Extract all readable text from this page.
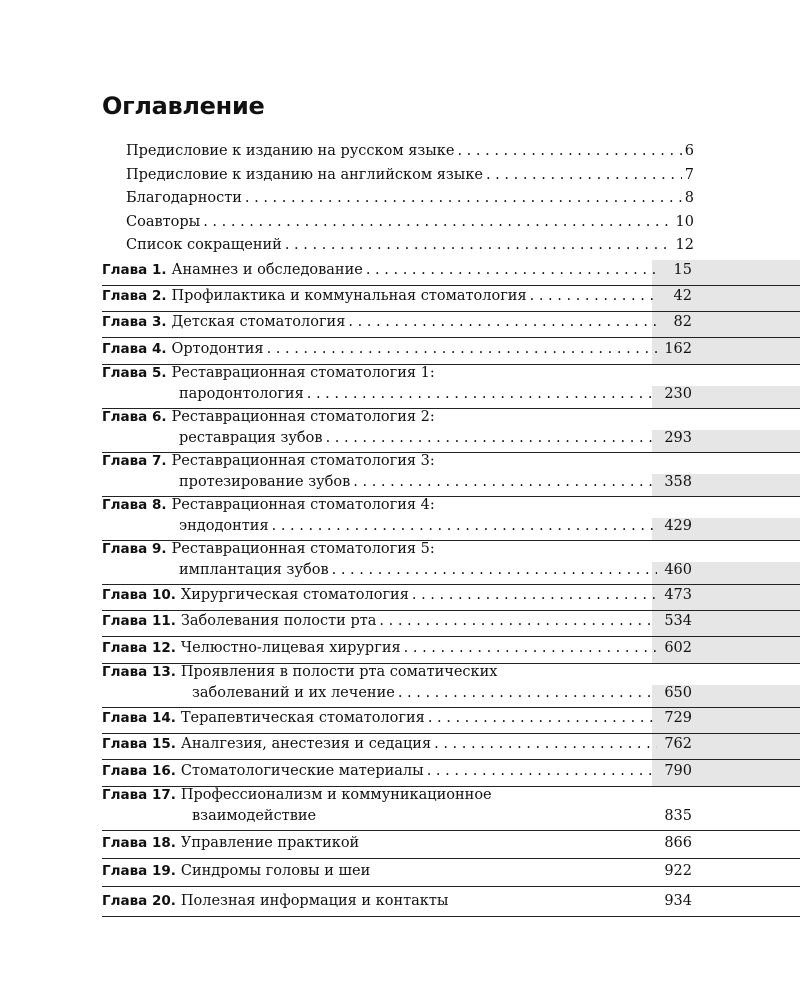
Оглавление
Предисловие к изданию на русском языке . . .	6
Предисловие к изданию на английском языке . . .	7
Благодарности . . .	8
Соавторы . . .	10
Список сокращений . . .	12
Глава 1. Анамнез и обследование . . .	15
Глава 2. Профилактика и коммунальная стоматология . . .	42
Глава 3. Детская стоматология . . .	82
Глава 4. Ортодонтия . . .	162
Глава 5. Реставрационная стоматология 1:
пародонтология . . .	230
Глава 6. Реставрационная стоматология 2:
реставрация зубов . . .	293
Глава 7. Реставрационная стоматология 3:
протезирование зубов . . .	358
Глава 8. Реставрационная стоматология 4:
эндодонтия . . .	429
Глава 9. Реставрационная стоматология 5:
имплантация зубов . . .	460
Глава 10. Хирургическая стоматология . . .	473
Глава 11. Заболевания полости рта . . .	534
Глава 12. Челюстно-лицевая хирургия . . .	602
Глава 13. Проявления в полости рта соматических
заболеваний и их лечение . . .	650
Глава 14. Терапевтическая стоматология . . .	729
Глава 15. Аналгезия, анестезия и седация . . .	762
Глава 16. Стоматологические материалы . . .	790
Глава 17. Профессионализм и коммуникационное
взаимодействие	835
Глава 18. Управление практикой	866
Глава 19. Синдромы головы и шеи	922
Глава 20. Полезная информация и контакты	934
